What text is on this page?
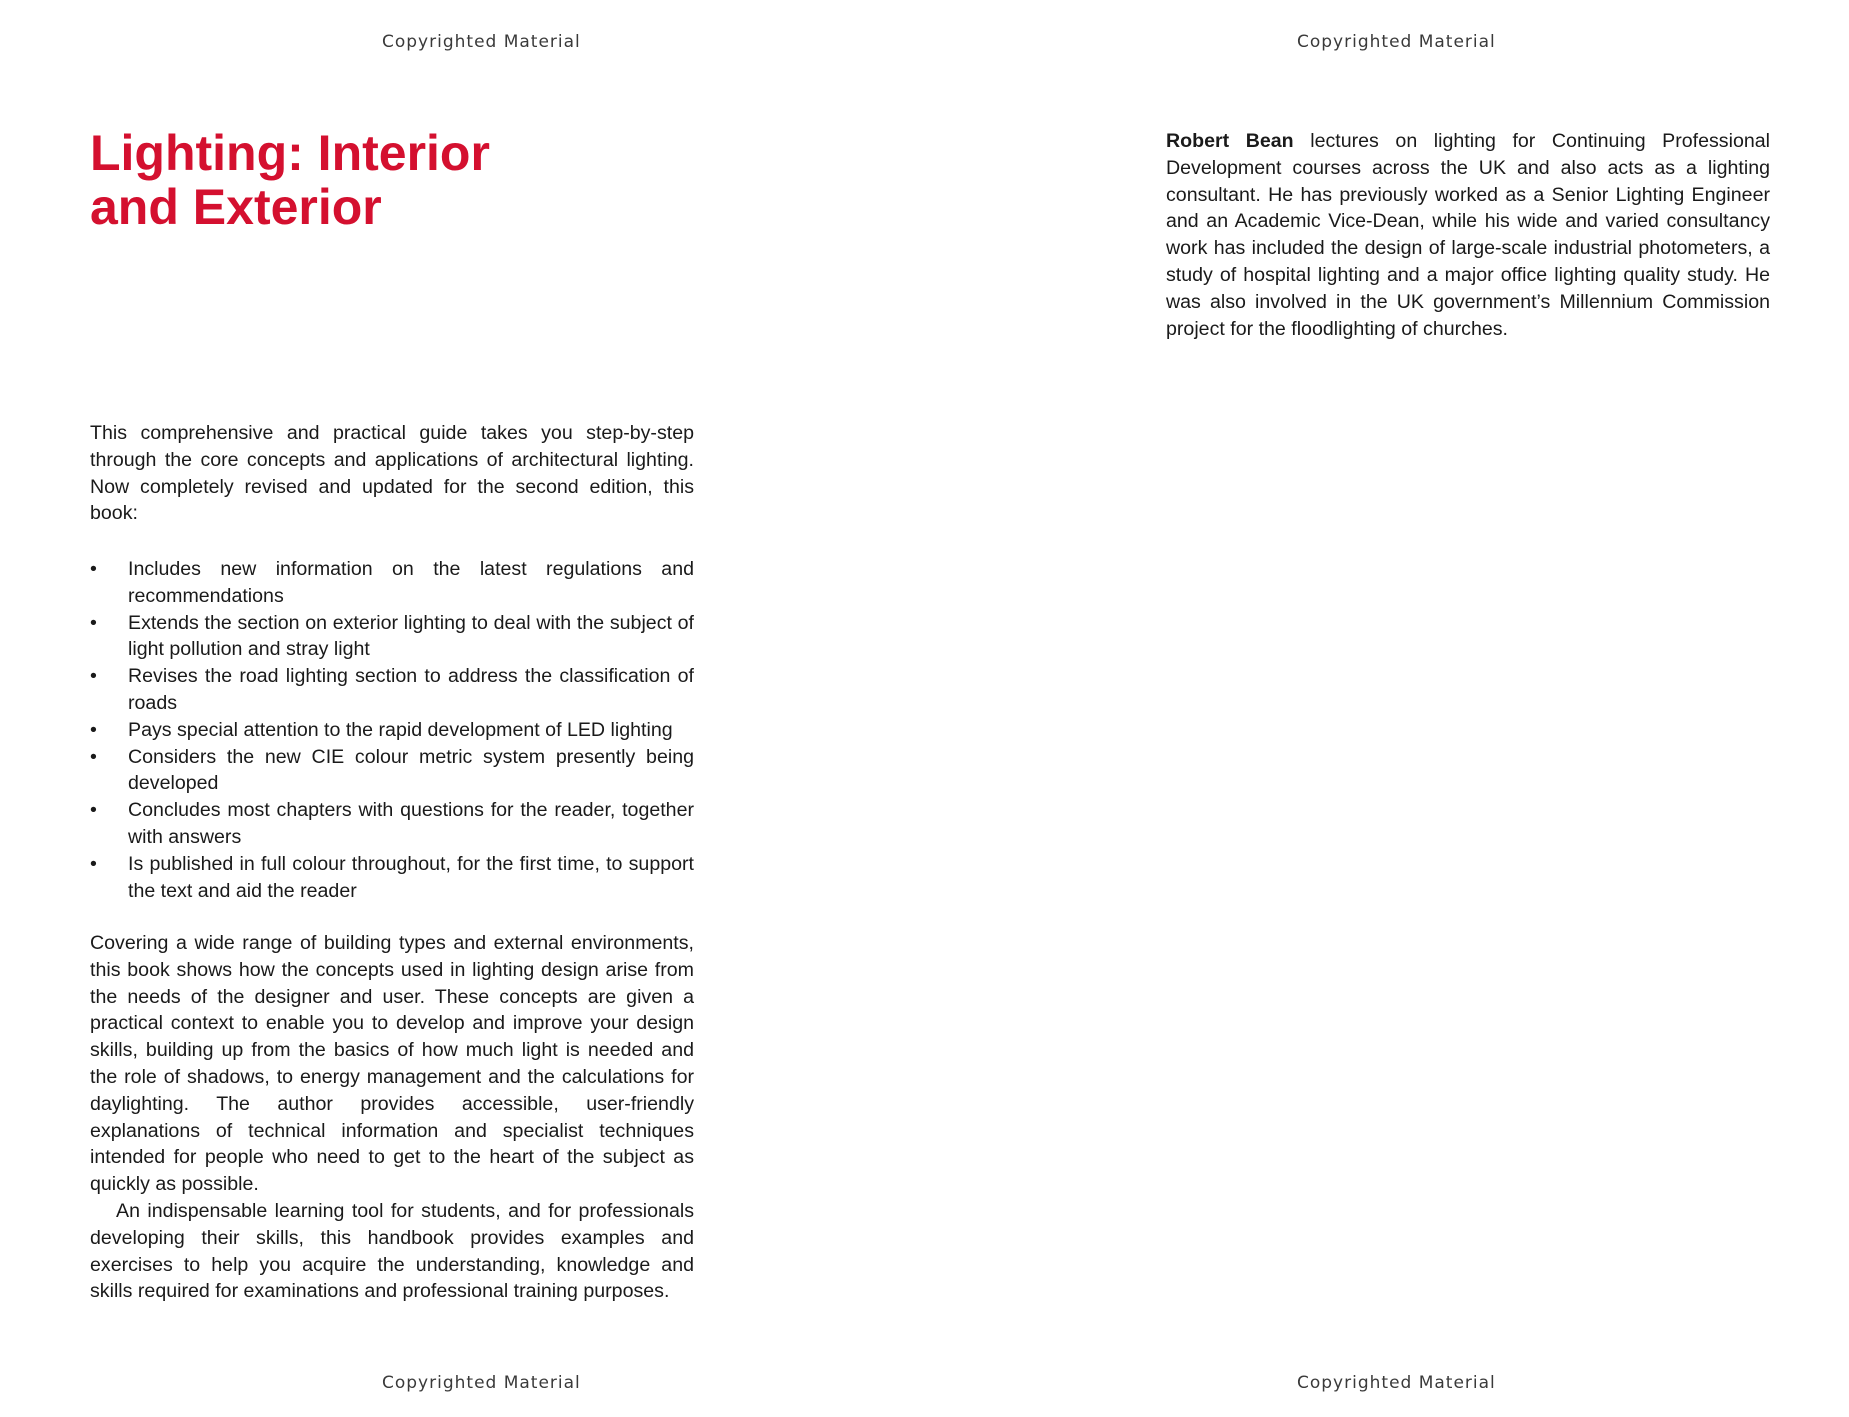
Copyrighted Material
Lighting: Interior
and Exterior

This comprehensive and practical guide takes you step-by-step through the core concepts and applications of architectural lighting. Now completely revised and updated for the second edition, this book:

• Includes new information on the latest regulations and recommendations
• Extends the section on exterior lighting to deal with the subject of light pollution and stray light
• Revises the road lighting section to address the classification of roads
• Pays special attention to the rapid development of LED lighting
• Considers the new CIE colour metric system presently being developed
• Concludes most chapters with questions for the reader, together with answers
• Is published in full colour throughout, for the first time, to support the text and aid the reader

Covering a wide range of building types and external environments, this book shows how the concepts used in lighting design arise from the needs of the designer and user. These concepts are given a practical context to enable you to develop and improve your design skills, building up from the basics of how much light is needed and the role of shadows, to energy management and the calculations for daylighting. The author provides accessible, user-friendly explanations of technical information and specialist techniques intended for people who need to get to the heart of the subject as quickly as possible.

An indispensable learning tool for students, and for professionals developing their skills, this handbook provides examples and exercises to help you acquire the understanding, knowledge and skills required for examinations and professional training purposes.

Copyrighted Material
Copyrighted Material

Robert Bean lectures on lighting for Continuing Professional Development courses across the UK and also acts as a lighting consultant. He has previously worked as a Senior Lighting Engineer and an Academic Vice-Dean, while his wide and varied consultancy work has included the design of large-scale industrial photometers, a study of hospital lighting and a major office lighting quality study. He was also involved in the UK government’s Millennium Commission project for the floodlighting of churches.

Copyrighted Material
